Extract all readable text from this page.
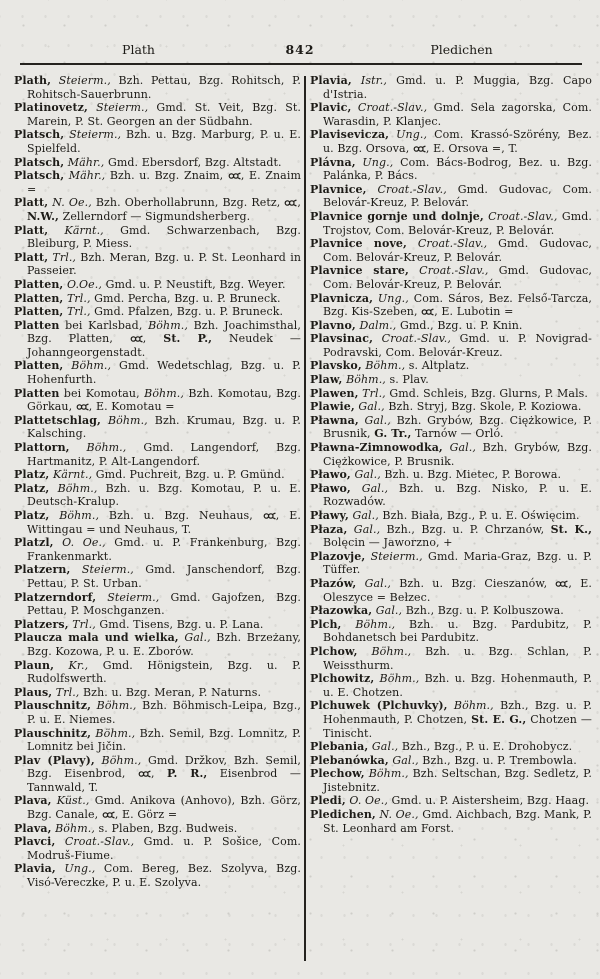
Plath	842	Pledichen

Plath, Steierm., Bzh. Pettau, Bzg. Rohitsch, P. Rohitsch-Sauerbrunn.

Platinovetz, Steierm., Gmd. St. Veit, Bzg. St. Marein, P. St. Georgen an der Südbahn.

Platsch, Steierm., Bzh. u. Bzg. Marburg, P. u. E. Spielfeld.

Platsch, Mähr., Gmd. Ebersdorf, Bzg. Altstadt.

Platsch, Mähr., Bzh. u. Bzg. Znaim, , E. Znaim =

Platt, N. Oe., Bzh. Oberhollabrunn, Bzg. Retz, , N.W., Zellerndorf — Sigmundsherberg.

Platt, Kärnt., Gmd. Schwarzenbach, Bzg. Bleiburg, P. Miess.

Platt, Trl., Bzh. Meran, Bzg. u. P. St. Leonhard in Passeier.

Platten, O.Oe., Gmd. u. P. Neustift, Bzg. Weyer.

Platten, Trl., Gmd. Percha, Bzg. u. P. Bruneck.

Platten, Trl., Gmd. Pfalzen, Bzg. u. P. Bruneck.

Platten bei Karlsbad, Böhm., Bzh. Joachimsthal, Bzg. Platten, , St. P., Neudek — Johanngeorgenstadt.

Platten, Böhm., Gmd. Wedetschlag, Bzg. u. P. Hohenfurth.

Platten bei Komotau, Böhm., Bzh. Komotau, Bzg. Görkau, , E. Komotau =

Plattetschlag, Böhm., Bzh. Krumau, Bzg. u. P. Kalsching.

Plattorn, Böhm., Gmd. Langendorf, Bzg. Hartmanitz, P. Alt-Langendorf.

Platz, Kärnt., Gmd. Puchreit, Bzg. u. P. Gmünd.

Platz, Böhm., Bzh. u. Bzg. Komotau, P. u. E. Deutsch-Kralup.

Platz, Böhm., Bzh. u. Bzg. Neuhaus, , E. Wittingau = und Neuhaus, T.

Platzl, O. Oe., Gmd. u. P. Frankenburg, Bzg. Frankenmarkt.

Platzern, Steierm., Gmd. Janschendorf, Bzg. Pettau, P. St. Urban.

Platzerndorf, Steierm., Gmd. Gajofzen, Bzg. Pettau, P. Moschganzen.

Platzers, Trl., Gmd. Tisens, Bzg. u. P. Lana.

Plaucza mala und wielka, Gal., Bzh. Brzeżany, Bzg. Kozowa, P. u. E. Zborów.

Plaun, Kr., Gmd. Hönigstein, Bzg. u. P. Rudolfswerth.

Plaus, Trl., Bzh. u. Bzg. Meran, P. Naturns.

Plauschnitz, Böhm., Bzh. Böhmisch-Leipa, Bzg., P. u. E. Niemes.

Plauschnitz, Böhm., Bzh. Semil, Bzg. Lomnitz, P. Lomnitz bei Jičin.

Plav (Plavy), Böhm., Gmd. Držkov, Bzh. Semil, Bzg. Eisenbrod, , P. R., Eisenbrod — Tannwald, T.

Plava, Küst., Gmd. Anikova (Anhovo), Bzh. Görz, Bzg. Canale, , E. Görz =

Plava, Böhm., s. Plaben, Bzg. Budweis.

Plavci, Croat.-Slav., Gmd. u. P. Sošice, Com. Modruš-Fiume.

Plavia, Ung., Com. Bereg, Bez. Szolyva, Bzg. Visó-Vereczke, P. u. E. Szolyva.

Plavia, Istr., Gmd. u. P. Muggia, Bzg. Capo d'Istria.

Plavic, Croat.-Slav., Gmd. Sela zagorska, Com. Warasdin, P. Klanjec.

Plavisevicza, Ung., Com. Krassó-Szörény, Bez. u. Bzg. Orsova, , E. Orsova =, T.

Plávna, Ung., Com. Bács-Bodrog, Bez. u. Bzg. Palánka, P. Bács.

Plavnice, Croat.-Slav., Gmd. Gudovac, Com. Belovár-Kreuz, P. Belovár.

Plavnice gornje und dolnje, Croat.-Slav., Gmd. Trojstov, Com. Belovár-Kreuz, P. Belovár.

Plavnice nove, Croat.-Slav., Gmd. Gudovac, Com. Belovár-Kreuz, P. Belovár.

Plavnice stare, Croat.-Slav., Gmd. Gudovac, Com. Belovár-Kreuz, P. Belovár.

Plavnicza, Ung., Com. Sáros, Bez. Felső-Tarcza, Bzg. Kis-Szeben, , E. Lubotin =

Plavno, Dalm., Gmd., Bzg. u. P. Knin.

Plavsinac, Croat.-Slav., Gmd. u. P. Novigrad-Podravski, Com. Belovár-Kreuz.

Plavsko, Böhm., s. Altplatz.

Plaw, Böhm., s. Plav.

Plawen, Trl., Gmd. Schleis, Bzg. Glurns, P. Mals.

Plawie, Gal., Bzh. Stryj, Bzg. Skole, P. Koziowa.

Pławna, Gal., Bzh. Grybów, Bzg. Ciężkowice, P. Brusnik, G. Tr., Tarnów — Orló.

Pławna-Zimnowodka, Gal., Bzh. Grybów, Bzg. Ciężkowice, P. Brusnik.

Pławo, Gal., Bzh. u. Bzg. Mietec, P. Borowa.

Pławo, Gal., Bzh. u. Bzg. Nisko, P. u. E. Rozwadów.

Pławy, Gal., Bzh. Biała, Bzg., P. u. E. Oświęcim.

Płaza, Gal., Bzh., Bzg. u. P. Chrzanów, St. K., Bolęcin — Jaworzno, +

Plazovje, Steierm., Gmd. Maria-Graz, Bzg. u. P. Tüffer.

Płazów, Gal., Bzh. u. Bzg. Cieszanów, , E. Oleszyce = Bełzec.

Płazowka, Gal., Bzh., Bzg. u. P. Kolbuszowa.

Plch, Böhm., Bzh. u. Bzg. Pardubitz, P. Bohdanetsch bei Pardubitz.

Plchow, Böhm., Bzh. u. Bzg. Schlan, P. Weissthurm.

Plchowitz, Böhm., Bzh. u. Bzg. Hohenmauth, P. u. E. Chotzen.

Plchuwek (Plchuvky), Böhm., Bzh., Bzg. u. P. Hohenmauth, P. Chotzen, St. E. G., Chotzen — Tinischt.

Plebania, Gal., Bzh., Bzg., P. u. E. Drohobycz.

Plebanówka, Gal., Bzh., Bzg. u. P. Trembowla.

Plechow, Böhm., Bzh. Seltschan, Bzg. Sedletz, P. Jistebnitz.

Pledi, O. Oe., Gmd. u. P. Aistersheim, Bzg. Haag.

Pledichen, N. Oe., Gmd. Aichbach, Bzg. Mank, P. St. Leonhard am Forst.
